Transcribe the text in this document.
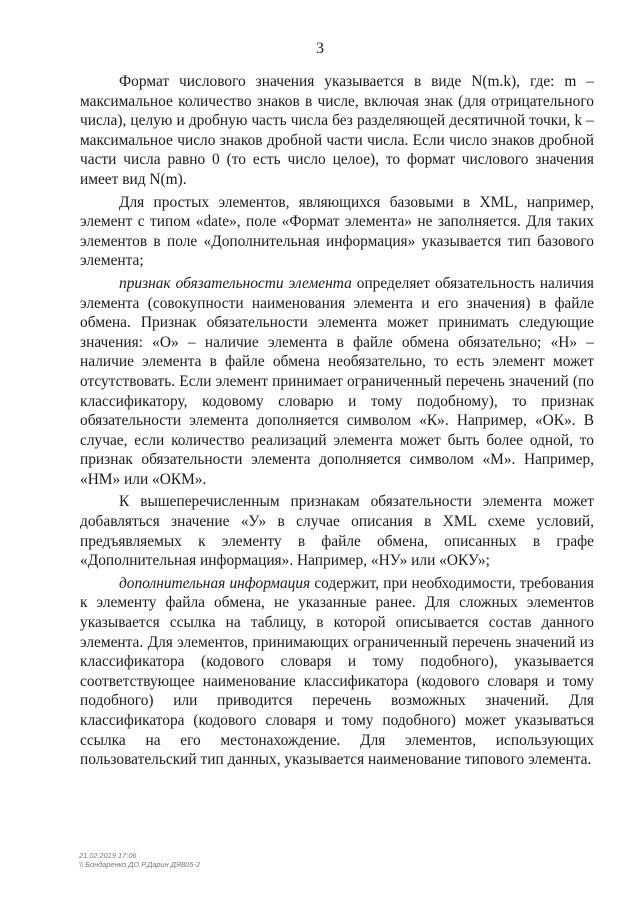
3

Формат числового значения указывается в виде N(m.k), где: m – максимальное количество знаков в числе, включая знак (для отрицательного числа), целую и дробную часть числа без разделяющей десятичной точки, k – максимальное число знаков дробной части числа. Если число знаков дробной части числа равно 0 (то есть число целое), то формат числового значения имеет вид N(m).

Для простых элементов, являющихся базовыми в XML, например, элемент с типом «date», поле «Формат элемента» не заполняется. Для таких элементов в поле «Дополнительная информация» указывается тип базового элемента;

признак обязательности элемента определяет обязательность наличия элемента (совокупности наименования элемента и его значения) в файле обмена. Признак обязательности элемента может принимать следующие значения: «О» – наличие элемента в файле обмена обязательно; «Н» – наличие элемента в файле обмена необязательно, то есть элемент может отсутствовать. Если элемент принимает ограниченный перечень значений (по классификатору, кодовому словарю и тому подобному), то признак обязательности элемента дополняется символом «К». Например, «ОК». В случае, если количество реализаций элемента может быть более одной, то признак обязательности элемента дополняется символом «М». Например, «НМ» или «ОКМ».

К вышеперечисленным признакам обязательности элемента может добавляться значение «У» в случае описания в XML схеме условий, предъявляемых к элементу в файле обмена, описанных в графе «Дополнительная информация». Например, «НУ» или «ОКУ»;

дополнительная информация содержит, при необходимости, требования к элементу файла обмена, не указанные ранее. Для сложных элементов указывается ссылка на таблицу, в которой описывается состав данного элемента. Для элементов, принимающих ограниченный перечень значений из классификатора (кодового словаря и тому подобного), указывается соответствующее наименование классификатора (кодового словаря и тому подобного) или приводится перечень возможных значений. Для классификатора (кодового словаря и тому подобного) может указываться ссылка на его местонахождение. Для элементов, использующих пользовательский тип данных, указывается наименование типового элемента.

21.02.2019 17:06
\\ Бондаренко ДО Р.Дарин ДЯ805-2
